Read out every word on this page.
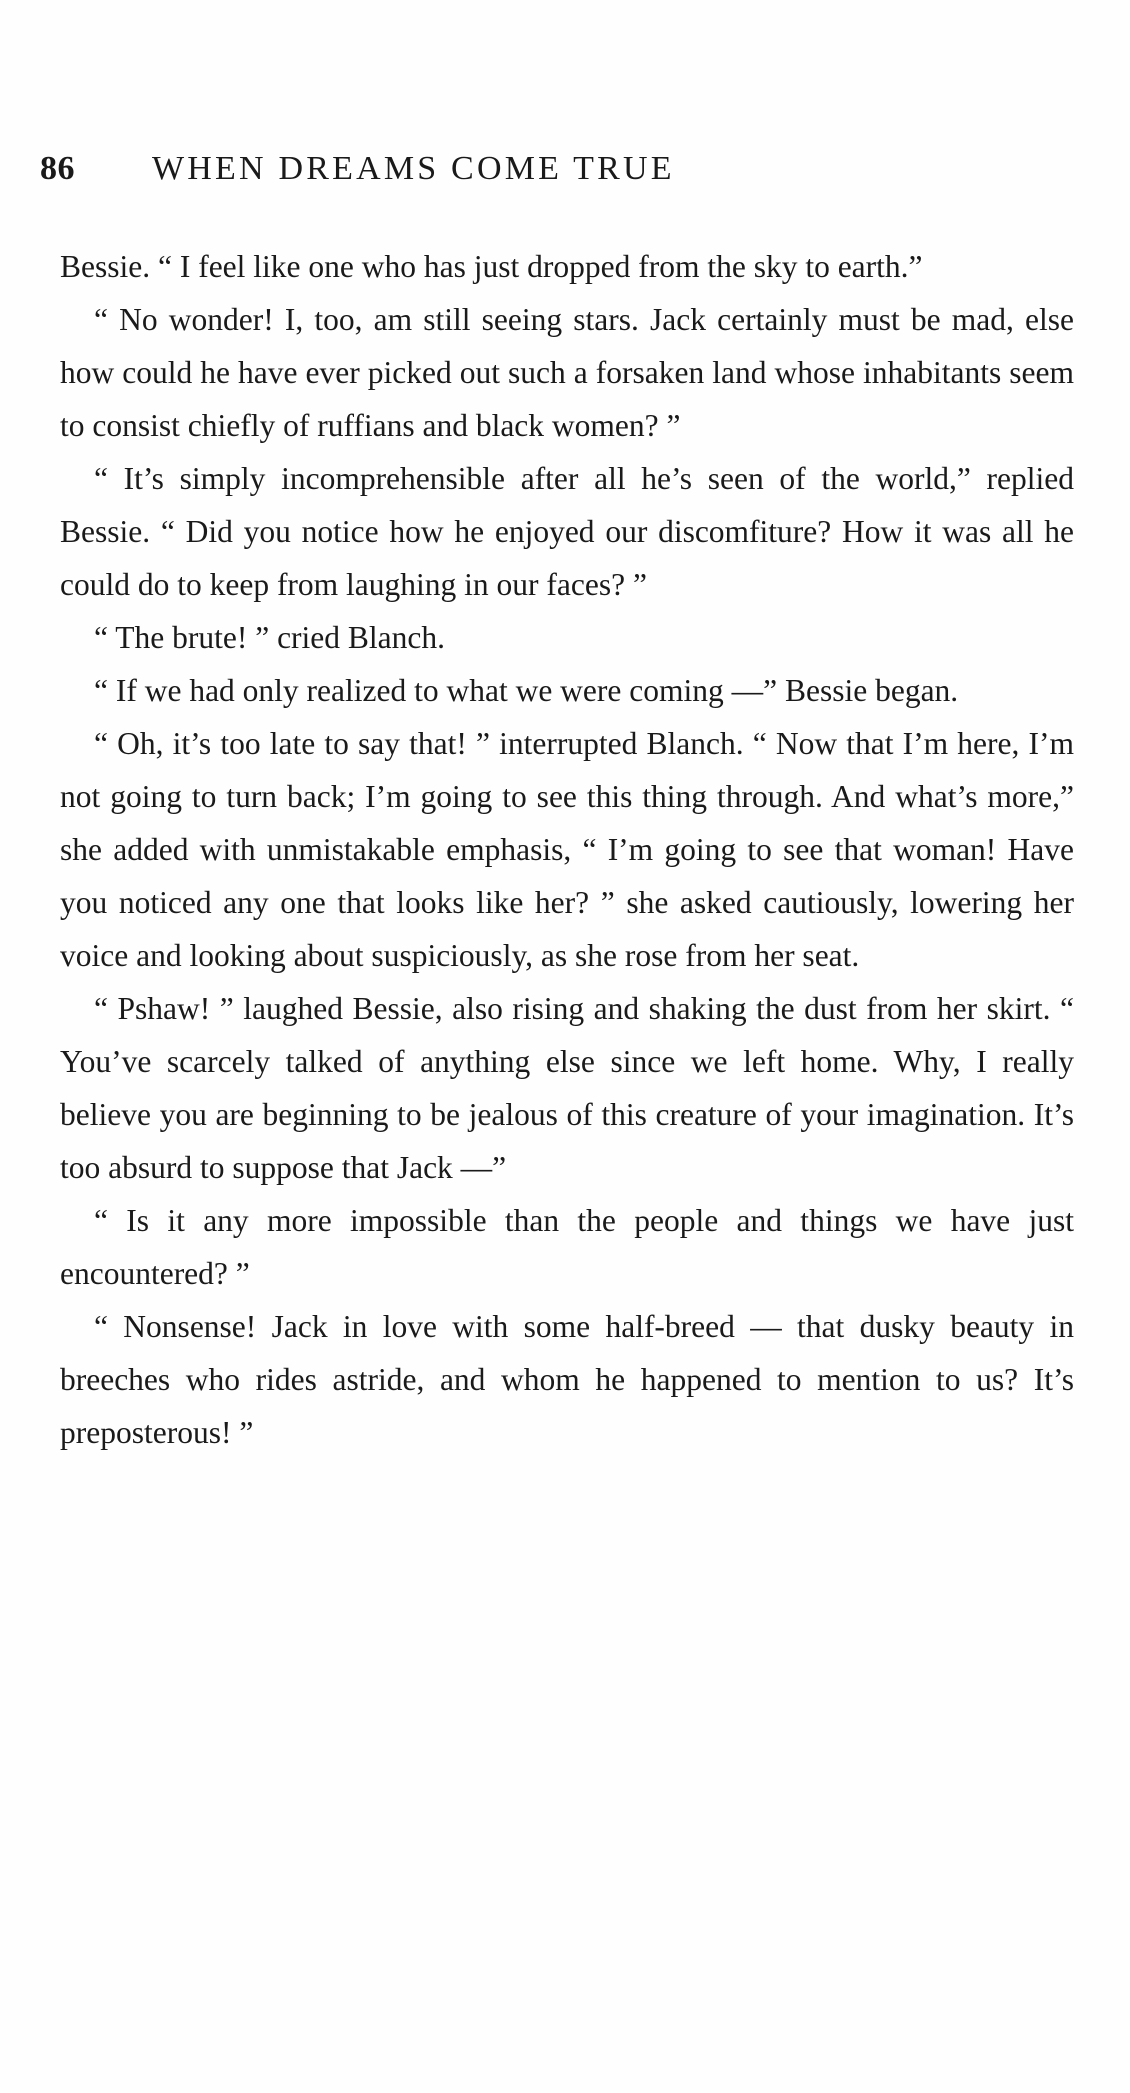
86	WHEN DREAMS COME TRUE

Bessie. “ I feel like one who has just dropped from the sky to earth.”

“ No wonder! I, too, am still seeing stars. Jack certainly must be mad, else how could he have ever picked out such a forsaken land whose inhabitants seem to consist chiefly of ruffians and black women? ”

“ It’s simply incomprehensible after all he’s seen of the world,” replied Bessie. “ Did you notice how he enjoyed our discomfiture? How it was all he could do to keep from laughing in our faces? ”

“ The brute! ” cried Blanch.

“ If we had only realized to what we were coming —” Bessie began.

“ Oh, it’s too late to say that! ” interrupted Blanch. “ Now that I’m here, I’m not going to turn back; I’m going to see this thing through. And what’s more,” she added with unmistakable emphasis, “ I’m going to see that woman! Have you noticed any one that looks like her? ” she asked cautiously, lowering her voice and looking about suspiciously, as she rose from her seat.

“ Pshaw! ” laughed Bessie, also rising and shaking the dust from her skirt. “ You’ve scarcely talked of anything else since we left home. Why, I really believe you are beginning to be jealous of this creature of your imagination. It’s too absurd to suppose that Jack —”

“ Is it any more impossible than the people and things we have just encountered? ”

“ Nonsense! Jack in love with some half-breed — that dusky beauty in breeches who rides astride, and whom he happened to mention to us? It’s preposterous! ”
